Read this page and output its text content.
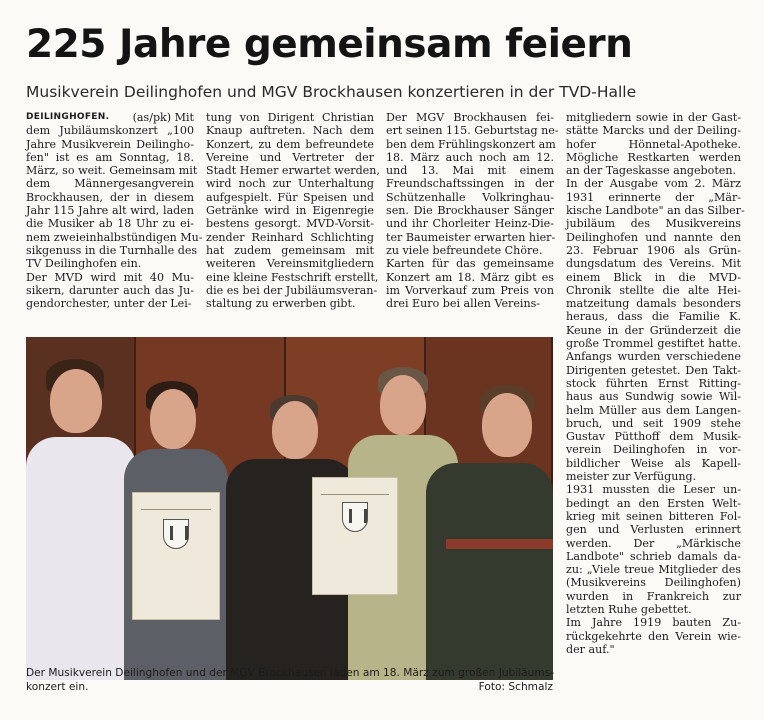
225 Jahre gemeinsam feiern
Musikverein Deilinghofen und MGV Brockhausen konzertieren in der TVD-Halle
DEILINGHOFEN. (as/pk) Mit
dem Jubiläumskonzert „100
Jahre Musikverein Deilingho-
fen" ist es am Sonntag, 18.
März, so weit. Gemeinsam mit
dem Männergesangverein
Brockhausen, der in diesem
Jahr 115 Jahre alt wird, laden
die Musiker ab 18 Uhr zu ei-
nem zweieinhalbstündigen Mu-
sikgenuss in die Turnhalle des
TV Deilinghofen ein.
Der MVD wird mit 40 Mu-
sikern, darunter auch das Ju-
gendorchester, unter der Lei-
tung von Dirigent Christian
Knaup auftreten. Nach dem
Konzert, zu dem befreundete
Vereine und Vertreter der
Stadt Hemer erwartet werden,
wird noch zur Unterhaltung
aufgespielt. Für Speisen und
Getränke wird in Eigenregie
bestens gesorgt. MVD-Vorsit-
zender Reinhard Schlichting
hat zudem gemeinsam mit
weiteren Vereinsmitgliedern
eine kleine Festschrift erstellt,
die es bei der Jubiläumsveran-
staltung zu erwerben gibt.
Der MGV Brockhausen fei-
ert seinen 115. Geburtstag ne-
ben dem Frühlingskonzert am
18. März auch noch am 12.
und 13. Mai mit einem
Freundschaftssingen in der
Schützenhalle Volkringhau-
sen. Die Brockhauser Sänger
und ihr Chorleiter Heinz-Die-
ter Baumeister erwarten hier-
zu viele befreundete Chöre.
Karten für das gemeinsame
Konzert am 18. März gibt es
im Vorverkauf zum Preis von
drei Euro bei allen Vereins-
mitgliedern sowie in der Gast-
stätte Marcks und der Deiling-
hofer Hönnetal-Apotheke.
Mögliche Restkarten werden
an der Tageskasse angeboten.
In der Ausgabe vom 2. März
1931 erinnerte der „Mär-
kische Landbote" an das Silber-
jubiläum des Musikvereins
Deilinghofen und nannte den
23. Februar 1906 als Grün-
dungsdatum des Vereins. Mit
einem Blick in die MVD-
Chronik stellte die alte Hei-
matzeitung damals besonders
heraus, dass die Familie K.
Keune in der Gründerzeit die
große Trommel gestiftet hatte.
Anfangs wurden verschiedene
Dirigenten getestet. Den Takt-
stock führten Ernst Ritting-
haus aus Sundwig sowie Wil-
helm Müller aus dem Langen-
bruch, und seit 1909 stehe
Gustav Pütthoff dem Musik-
verein Deilinghofen in vor-
bildlicher Weise als Kapell-
meister zur Verfügung.
1931 mussten die Leser un-
bedingt an den Ersten Welt-
krieg mit seinen bitteren Fol-
gen und Verlusten erinnert
werden. Der „Märkische
Landbote" schrieb damals da-
zu: „Viele treue Mitglieder des
(Musikvereins Deilinghofen)
wurden in Frankreich zur
letzten Ruhe gebettet.
Im Jahre 1919 bauten Zu-
rückgekehrte den Verein wie-
der auf."
Der Musikverein Deilinghofen und der MGV Brockhausen laden am 18. März zum großen Jubiläums-
konzert ein.	Foto: Schmalz
